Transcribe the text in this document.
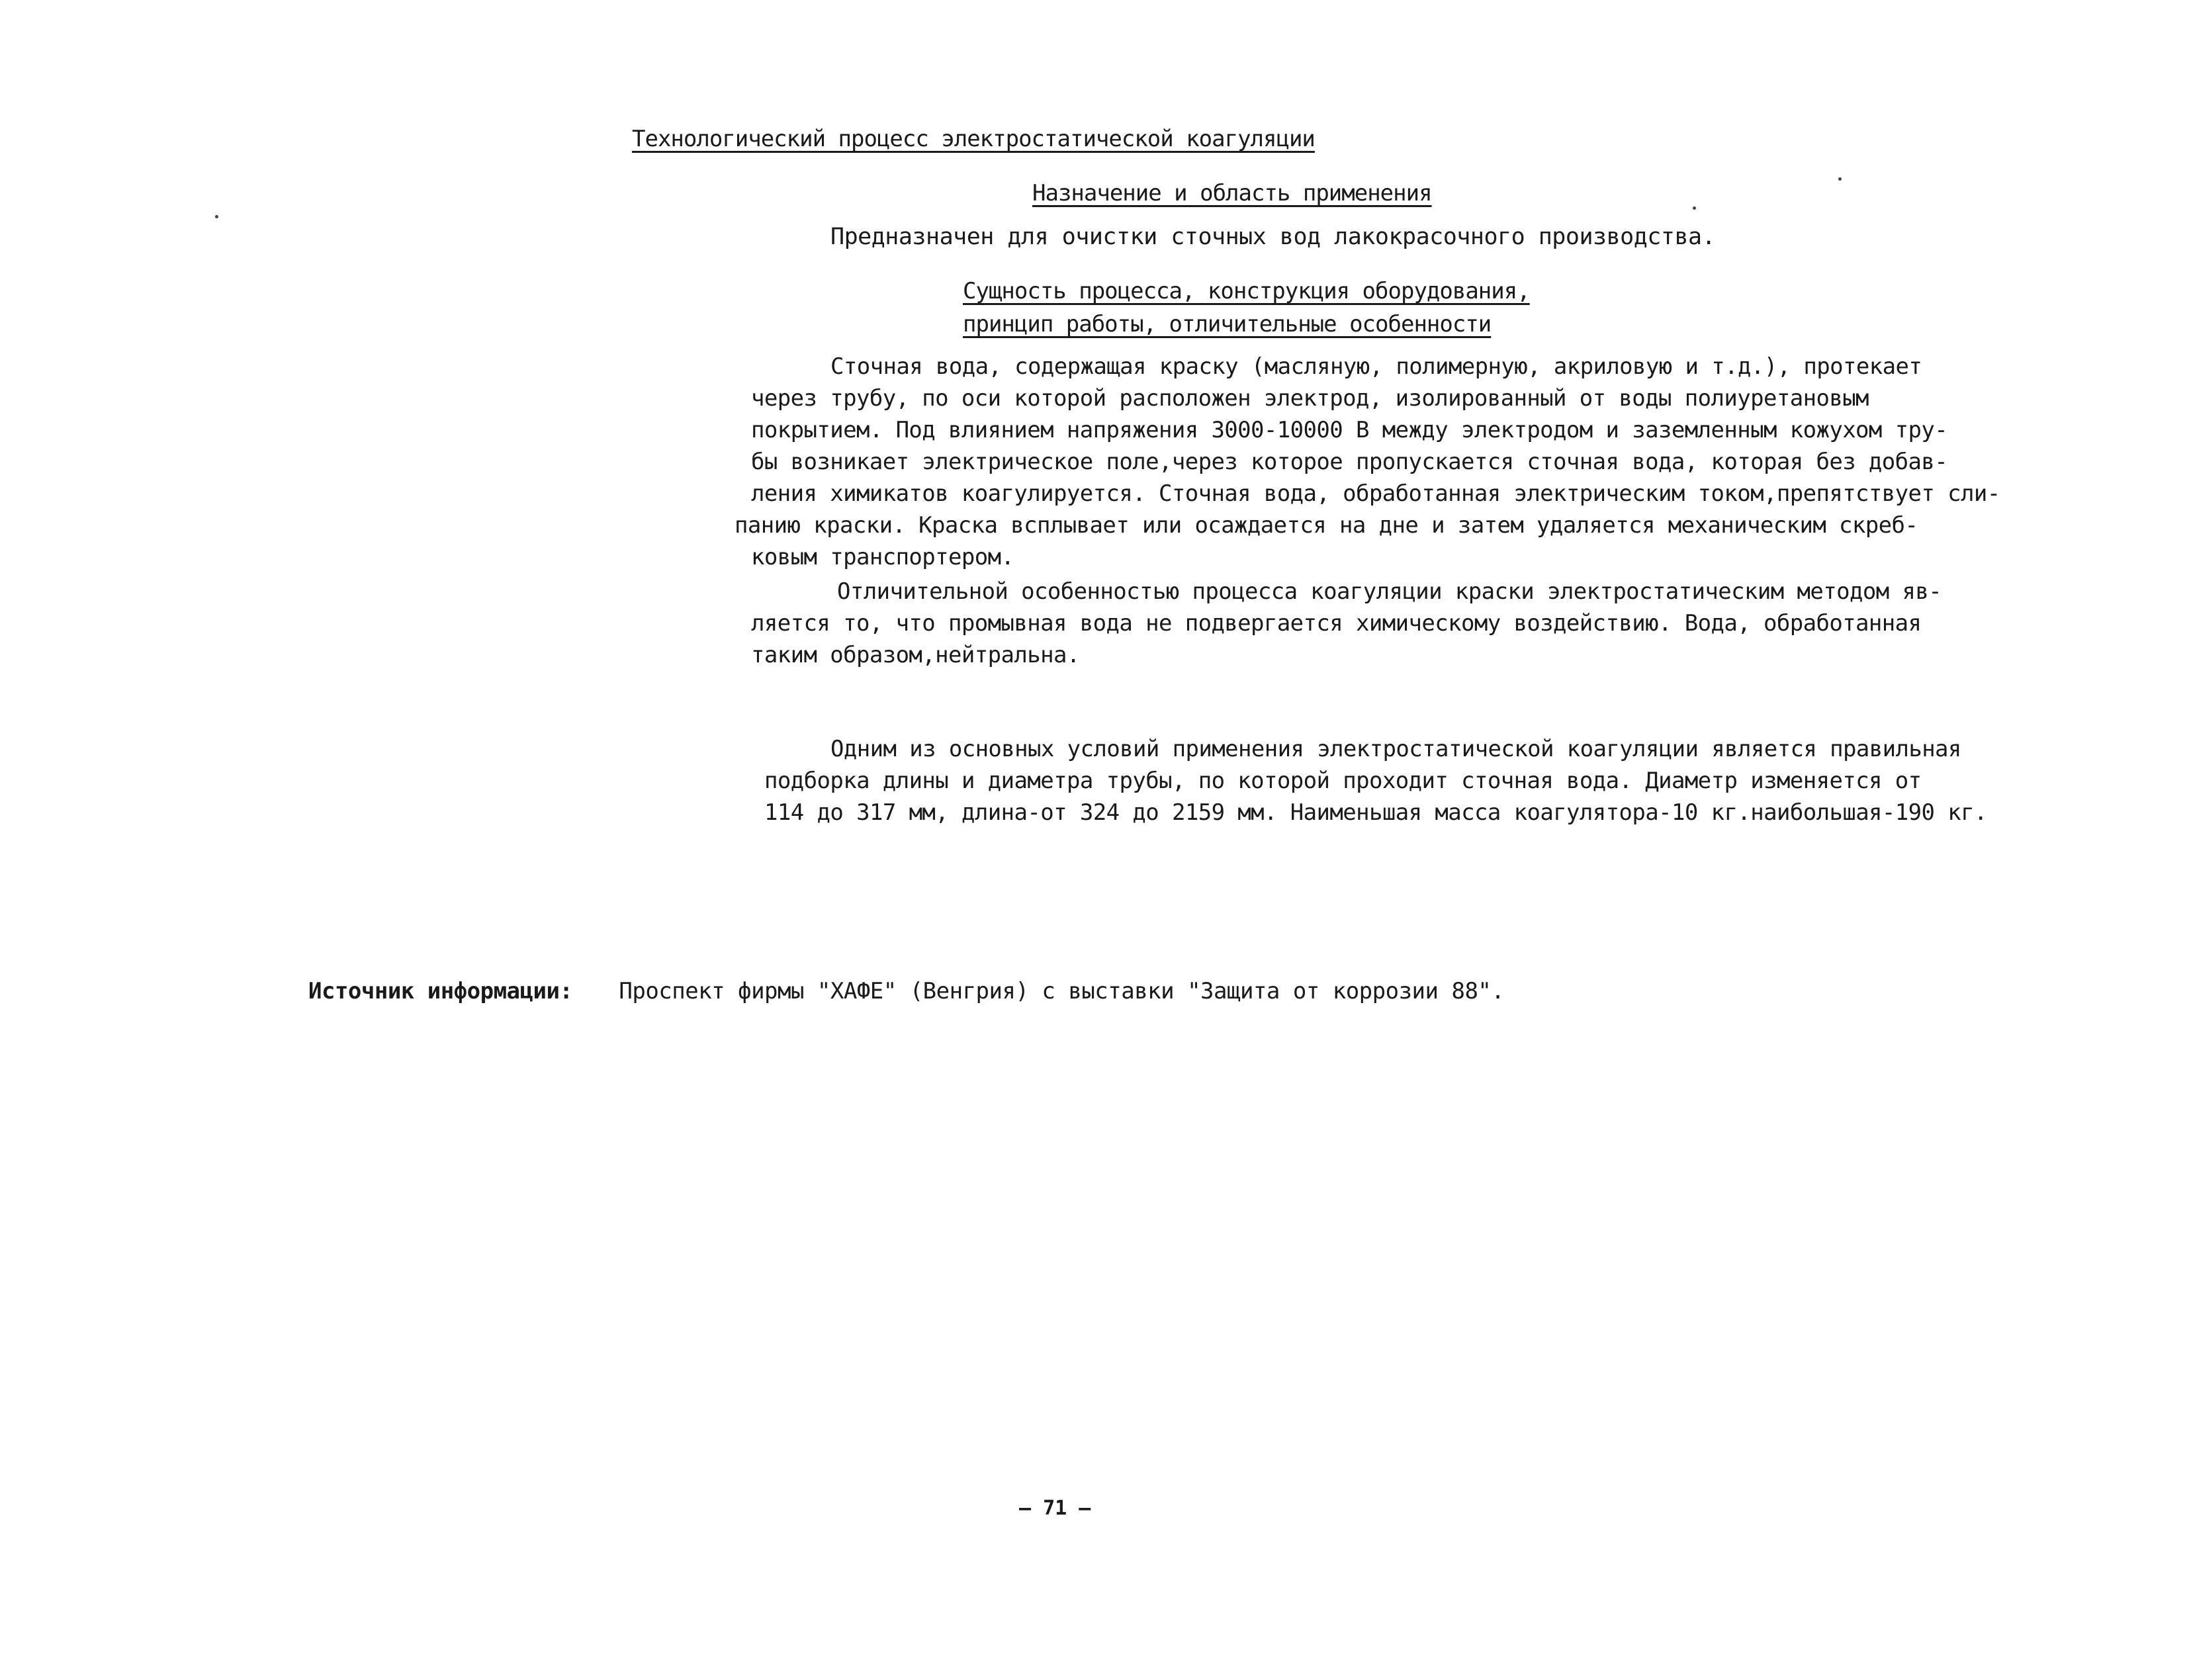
Технологический процесс электростатической коагуляции
Назначение и область применения
Предназначен для очистки сточных вод лакокрасочного производства.
Сущность процесса, конструкция оборудования,
принцип работы, отличительные особенности
Сточная вода, содержащая краску (масляную, полимерную, акриловую и т.д.), протекает
через трубу, по оси которой расположен электрод, изолированный от воды полиуретановым
покрытием. Под влиянием напряжения 3000-10000 В между электродом и заземленным кожухом тру-
бы возникает электрическое поле,через которое пропускается сточная вода, которая без добав-
ления химикатов коагулируется. Сточная вода, обработанная электрическим током,препятствует сли-
панию краски. Краска всплывает или осаждается на дне и затем удаляется механическим скреб-
ковым транспортером.
Отличительной особенностью процесса коагуляции краски электростатическим методом яв-
ляется то, что промывная вода не подвергается химическому воздействию. Вода, обработанная
таким образом,нейтральна.
Одним из основных условий применения электростатической коагуляции является правильная
подборка длины и диаметра трубы, по которой проходит сточная вода. Диаметр изменяется от
114 до 317 мм, длина-от 324 до 2159 мм. Наименьшая масса коагулятора-10 кг.наибольшая-190 кг.
Источник информации: Проспект фирмы "ХАФЕ" (Венгрия) с выставки "Защита от коррозии 88".
— 71 —
